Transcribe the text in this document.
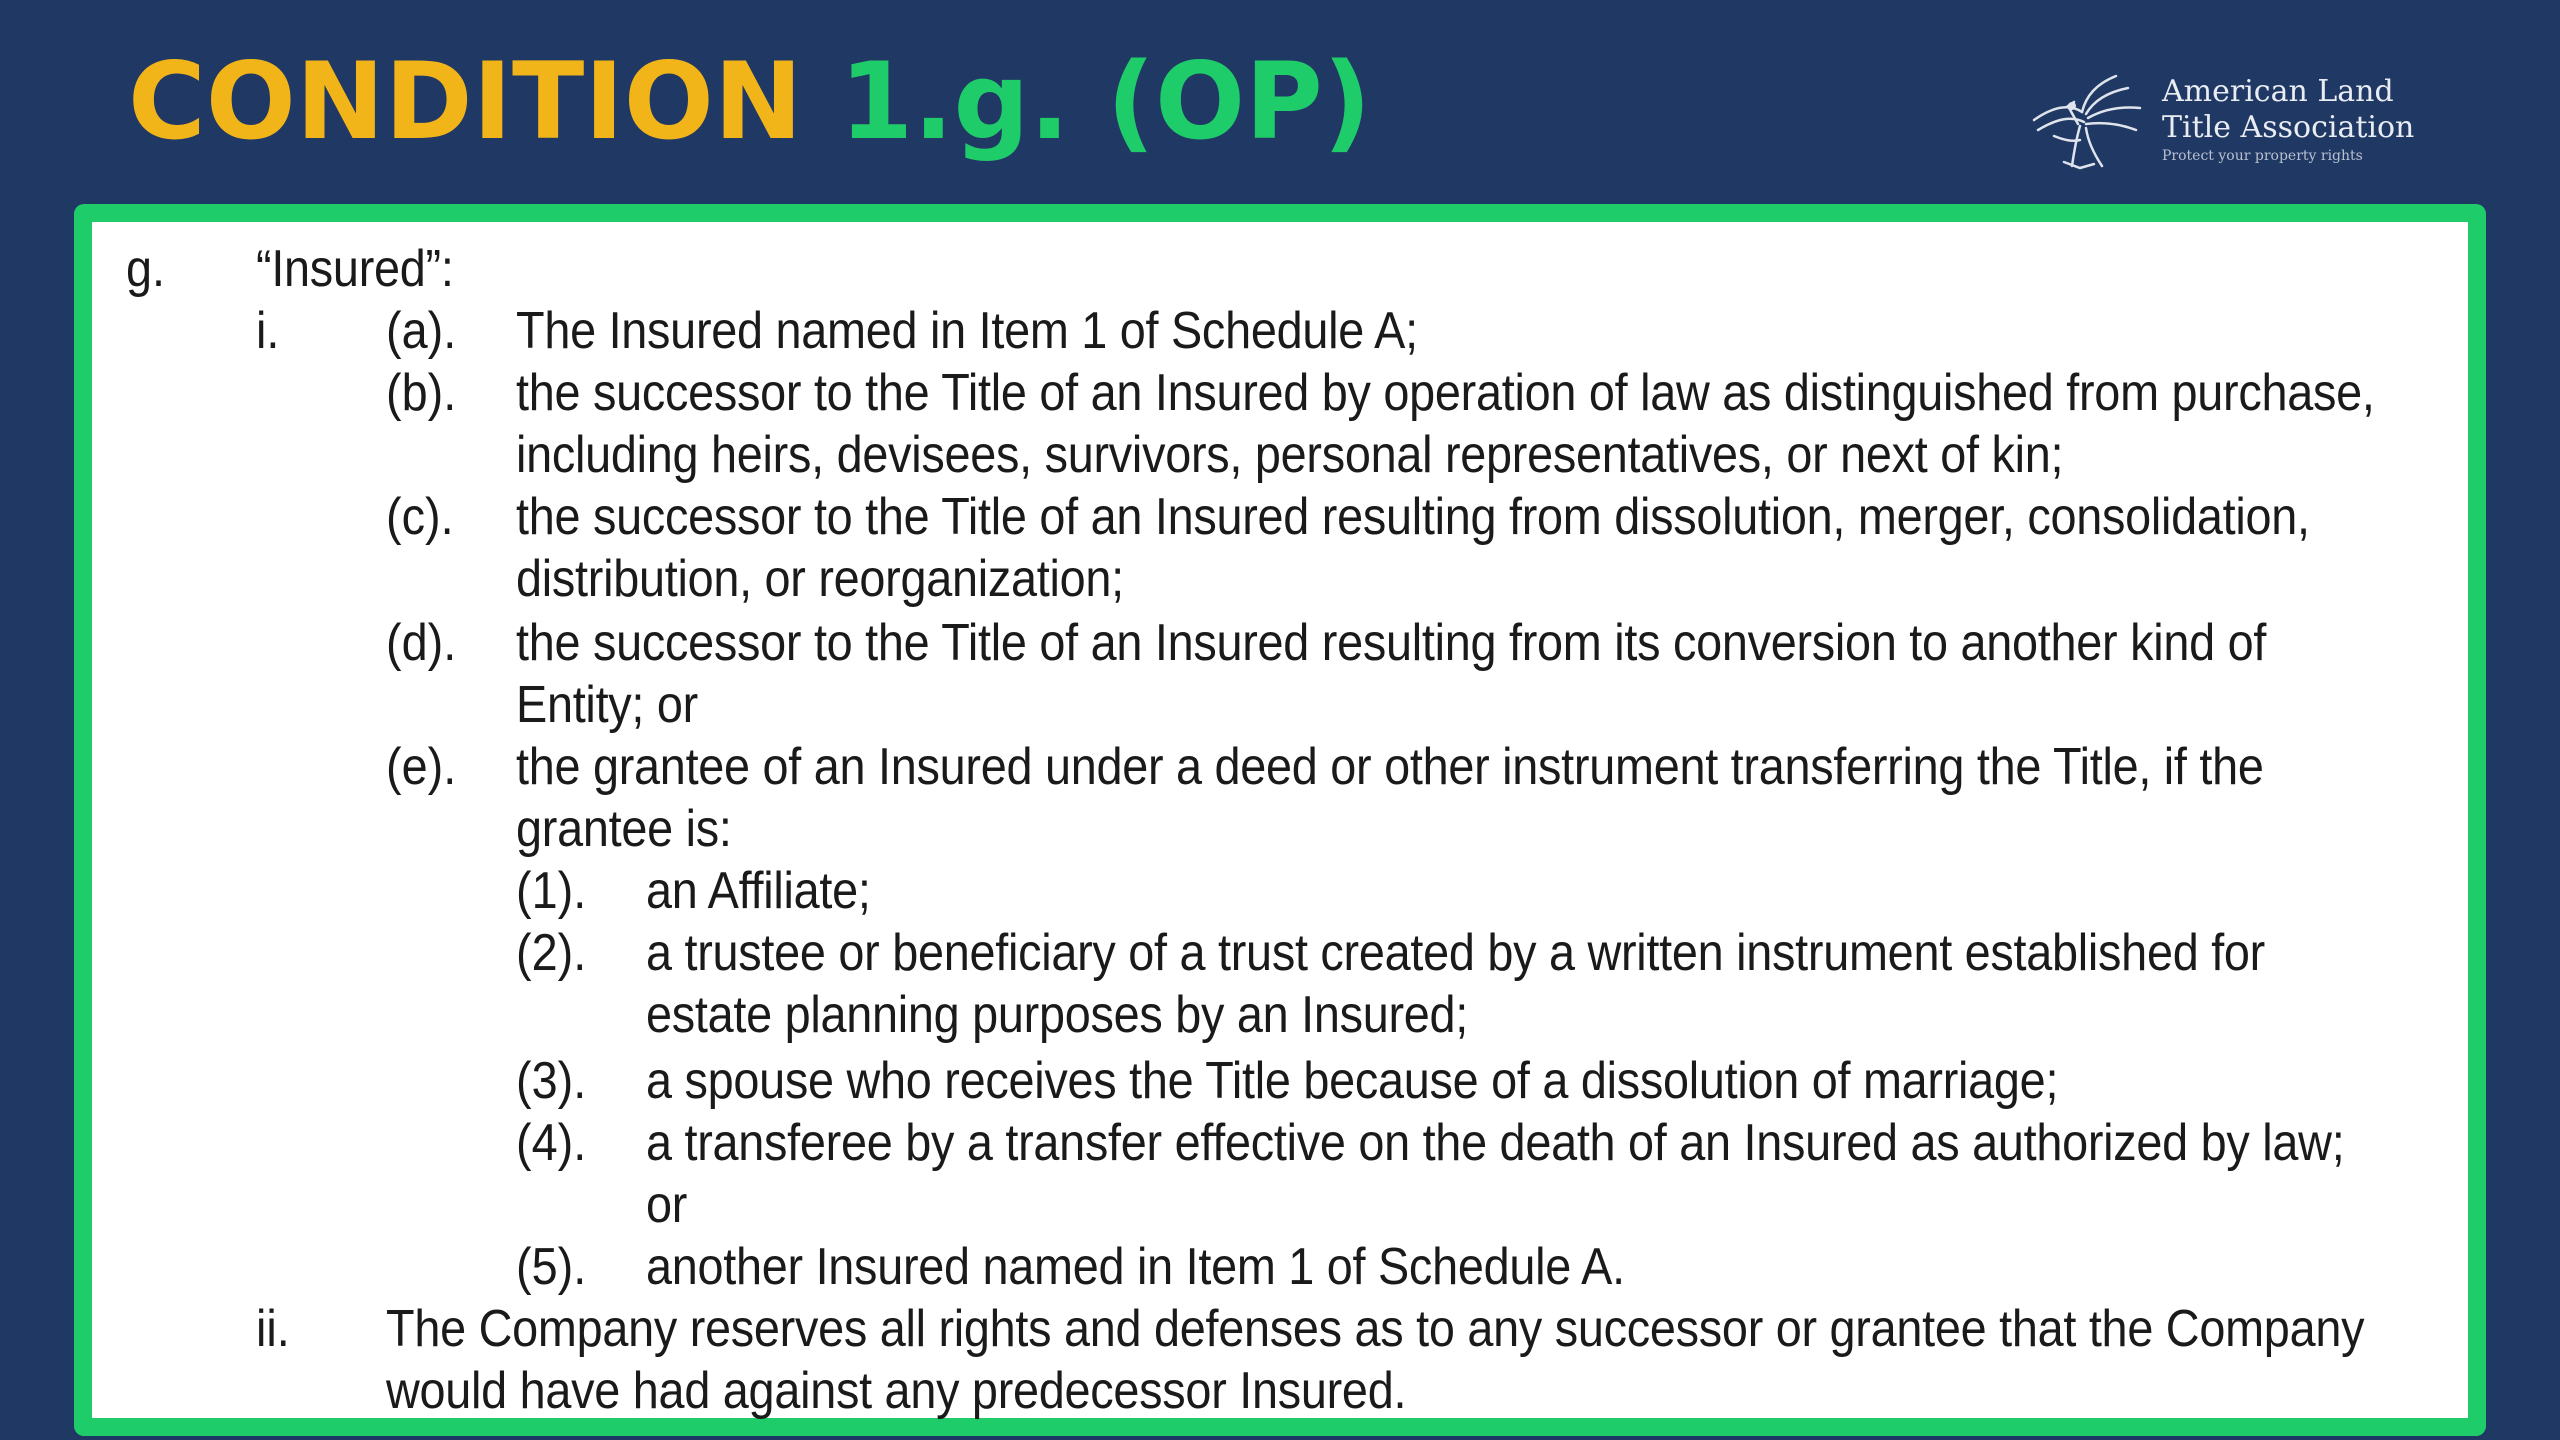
CONDITION 1.g. (OP)	American Land
Title Association
Protect your property rights
g. “Insured”:
i. (a). The Insured named in Item 1 of Schedule A;
(b). the successor to the Title of an Insured by operation of law as distinguished from purchase,
including heirs, devisees, survivors, personal representatives, or next of kin;
(c). the successor to the Title of an Insured resulting from dissolution, merger, consolidation,
distribution, or reorganization;
(d). the successor to the Title of an Insured resulting from its conversion to another kind of
Entity; or
(e). the grantee of an Insured under a deed or other instrument transferring the Title, if the
grantee is:
(1). an Affiliate;
(2). a trustee or beneficiary of a trust created by a written instrument established for
estate planning purposes by an Insured;
(3). a spouse who receives the Title because of a dissolution of marriage;
(4). a transferee by a transfer effective on the death of an Insured as authorized by law;
or
(5). another Insured named in Item 1 of Schedule A.
ii. The Company reserves all rights and defenses as to any successor or grantee that the Company
would have had against any predecessor Insured.
